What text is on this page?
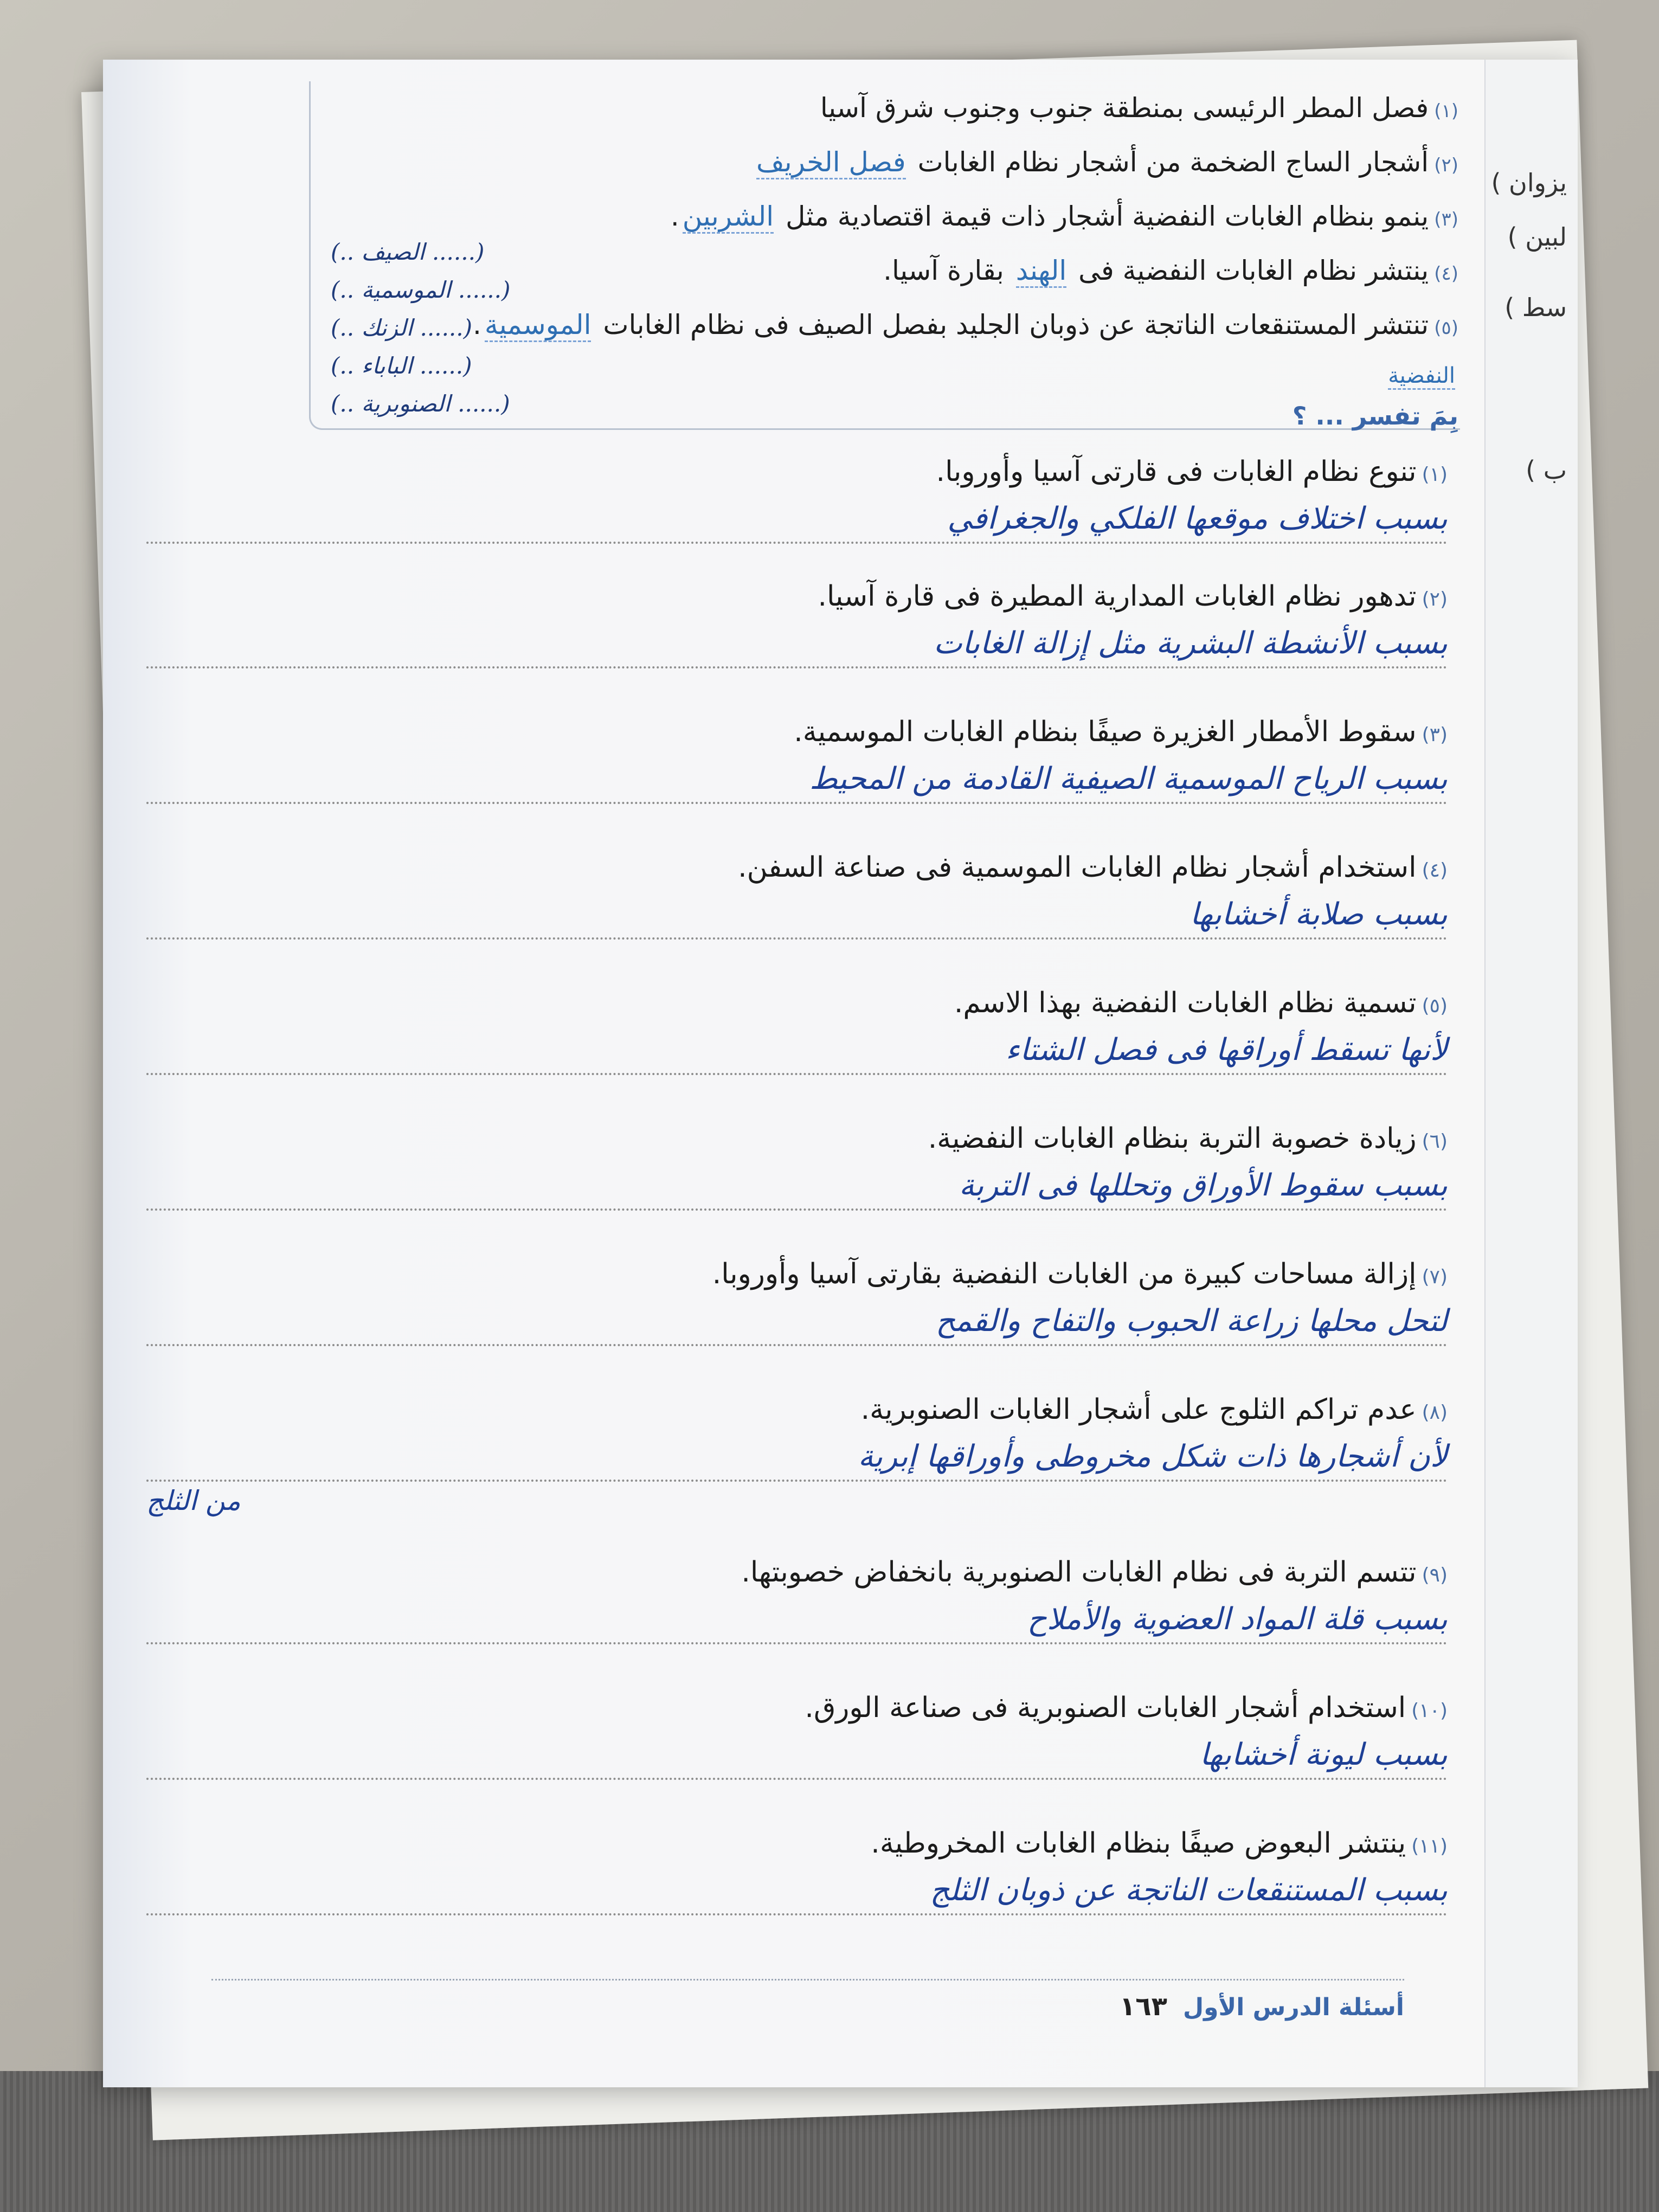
يزوان )
لبين )
سط )
ب )
(١)فصل المطر الرئيسى بمنطقة جنوب وجنوب شرق آسيا
(٢)أشجار الساج الضخمة من أشجار نظام الغابات فصل الخريف
(٣)ينمو بنظام الغابات النفضية أشجار ذات قيمة اقتصادية مثل الشربين.
(٤)ينتشر نظام الغابات النفضية فى الهند بقارة آسيا.
(٥)تنتشر المستنقعات الناتجة عن ذوبان الجليد بفصل الصيف فى نظام الغابات الموسمية.
النفضية
(.. الصيف ......)
(.. الموسمية ......)
(.. الزنك ......)
(.. الباباء ......)
(.. الصنوبرية ......)	بِمَ تفسر ... ؟
(١)تنوع نظام الغابات فى قارتى آسيا وأوروبا.
بسبب اختلاف موقعها الفلكي والجغرافي
(٢)تدهور نظام الغابات المدارية المطيرة فى قارة آسيا.
بسبب الأنشطة البشرية مثل إزالة الغابات
(٣)سقوط الأمطار الغزيرة صيفًا بنظام الغابات الموسمية.
بسبب الرياح الموسمية الصيفية القادمة من المحيط
(٤)استخدام أشجار نظام الغابات الموسمية فى صناعة السفن.
بسبب صلابة أخشابها
(٥)تسمية نظام الغابات النفضية بهذا الاسم.
لأنها تسقط أوراقها فى فصل الشتاء
(٦)زيادة خصوبة التربة بنظام الغابات النفضية.
بسبب سقوط الأوراق وتحللها فى التربة
(٧)إزالة مساحات كبيرة من الغابات النفضية بقارتى آسيا وأوروبا.
لتحل محلها زراعة الحبوب والتفاح والقمح
(٨)عدم تراكم الثلوج على أشجار الغابات الصنوبرية.
لأن أشجارها ذات شكل مخروطى وأوراقها إبرية
من الثلج
(٩)تتسم التربة فى نظام الغابات الصنوبرية بانخفاض خصوبتها.
بسبب قلة المواد العضوية والأملاح
(١٠)استخدام أشجار الغابات الصنوبرية فى صناعة الورق.
بسبب ليونة أخشابها
(١١)ينتشر البعوض صيفًا بنظام الغابات المخروطية.
بسبب المستنقعات الناتجة عن ذوبان الثلج
أسئلة الدرس الأول ١٦٣
